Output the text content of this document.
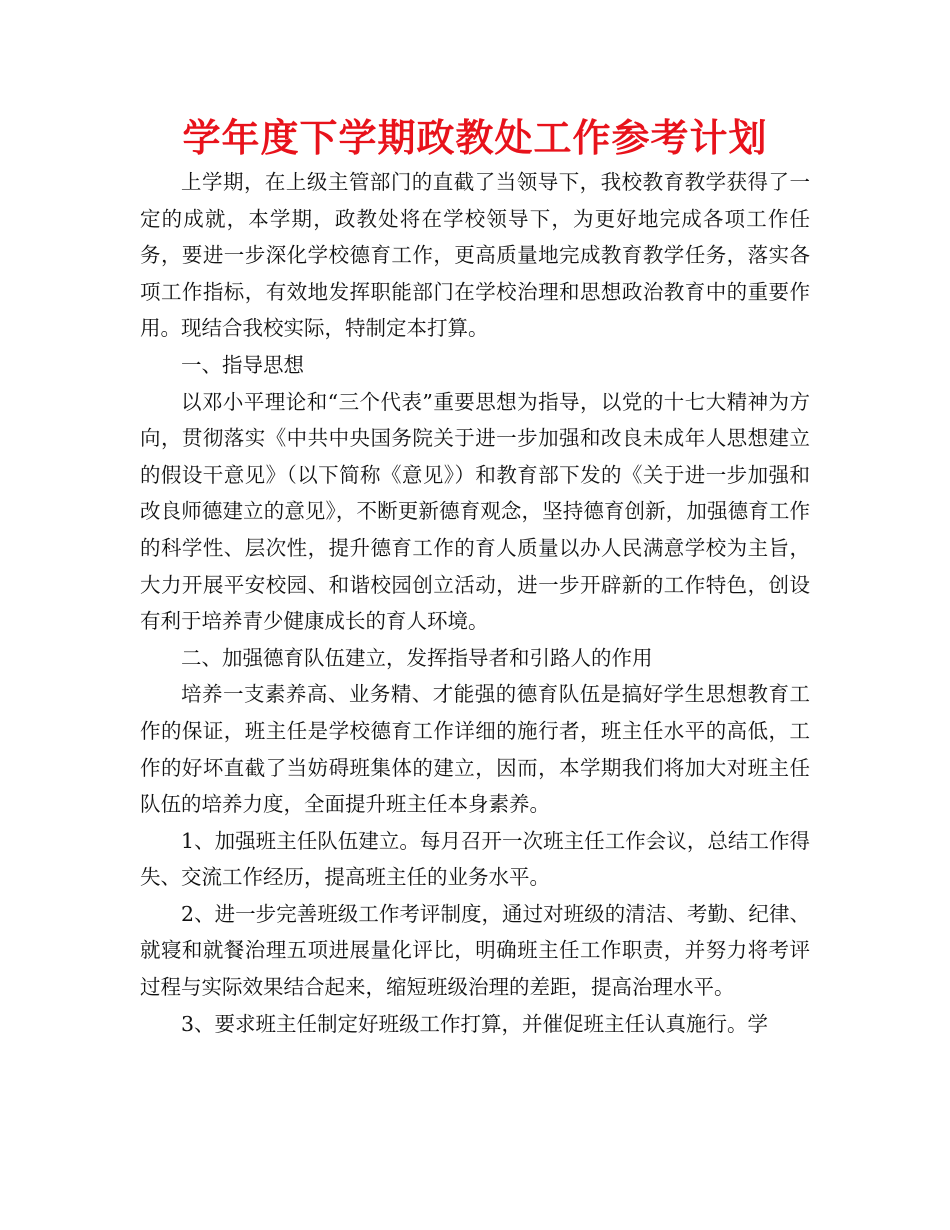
学年度下学期政教处工作参考计划

上学期，在上级主管部门的直截了当领导下，我校教育教学获得了一定的成就，本学期，政教处将在学校领导下，为更好地完成各项工作任务，要进一步深化学校德育工作，更高质量地完成教育教学任务，落实各项工作指标，有效地发挥职能部门在学校治理和思想政治教育中的重要作用。现结合我校实际，特制定本打算。

一、指导思想

以邓小平理论和“三个代表”重要思想为指导，以党的十七大精神为方向，贯彻落实《中共中央国务院关于进一步加强和改良未成年人思想建立的假设干意见》（以下简称《意见》）和教育部下发的《关于进一步加强和改良师德建立的意见》，不断更新德育观念，坚持德育创新，加强德育工作的科学性、层次性，提升德育工作的育人质量以办人民满意学校为主旨，大力开展平安校园、和谐校园创立活动，进一步开辟新的工作特色，创设有利于培养青少健康成长的育人环境。

二、加强德育队伍建立，发挥指导者和引路人的作用

培养一支素养高、业务精、才能强的德育队伍是搞好学生思想教育工作的保证，班主任是学校德育工作详细的施行者，班主任水平的高低，工作的好坏直截了当妨碍班集体的建立，因而，本学期我们将加大对班主任队伍的培养力度，全面提升班主任本身素养。

1、加强班主任队伍建立。每月召开一次班主任工作会议，总结工作得失、交流工作经历，提高班主任的业务水平。

2、进一步完善班级工作考评制度，通过对班级的清洁、考勤、纪律、就寝和就餐治理五项进展量化评比，明确班主任工作职责，并努力将考评过程与实际效果结合起来，缩短班级治理的差距，提高治理水平。

3、要求班主任制定好班级工作打算，并催促班主任认真施行。学
